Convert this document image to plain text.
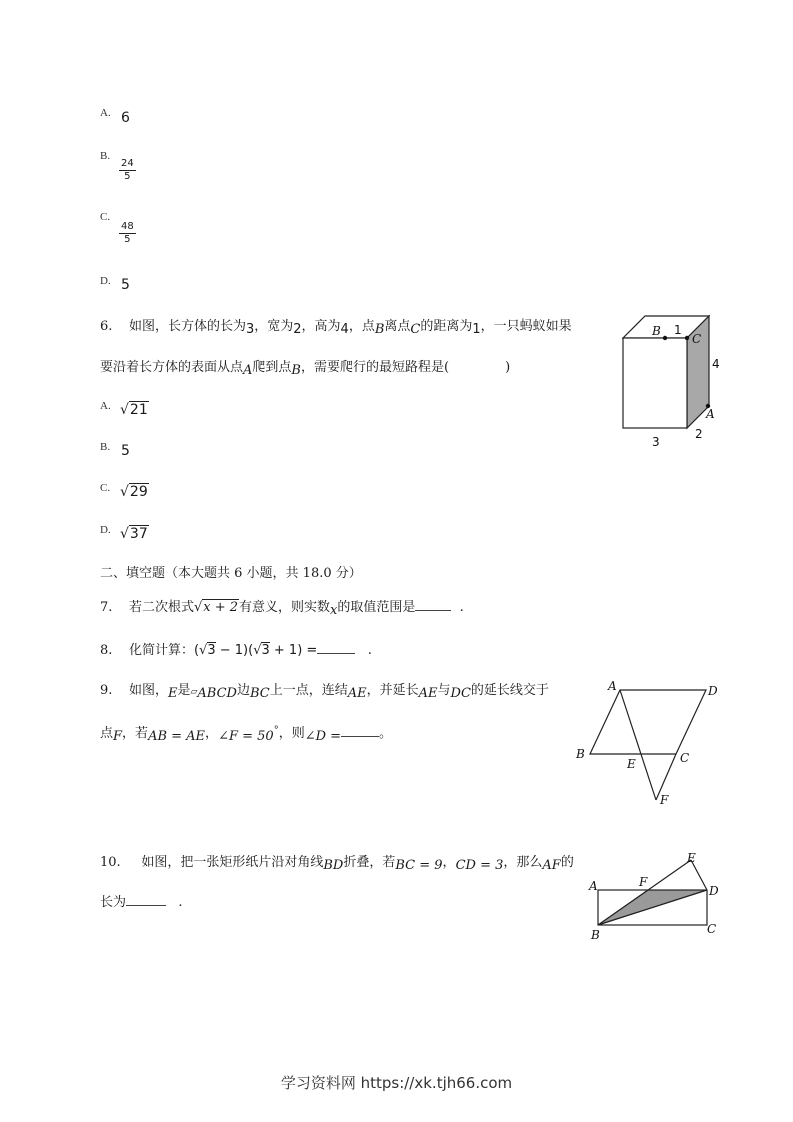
A. 6
B.
$\frac{24}{5}$
C.
$\frac{48}{5}$
D. 5
6. 如图，长方体的长为3，宽为2，高为4，点B离点C的距离为1，一只蚂蚁如果
要沿着长方体的表面从点A爬到点B，需要爬行的最短路程是(	)
A. √21
B. 5
C. √29
D. √37
B 1
C
4
A
2
3
二、填空题（本大题共 6 小题，共 18.0 分）
7. 若二次根式√x + 2有意义，则实数x的取值范围是	.
8. 化简计算：(√3 − 1)(√3 + 1) =	.
9. 如图，E是▱ABCD边BC上一点，连结AE，并延长AE与DC的延长线交于
点F，若AB = AE，∠F = 50°，则∠D =	。
A	D
B
E	C
F
10. 如图，把一张矩形纸片沿对角线BD折叠，若BC = 9，CD = 3，那么AF的
长为	.
E
A	F
D
B	C
学习资料网 https://xk.tjh66.com
